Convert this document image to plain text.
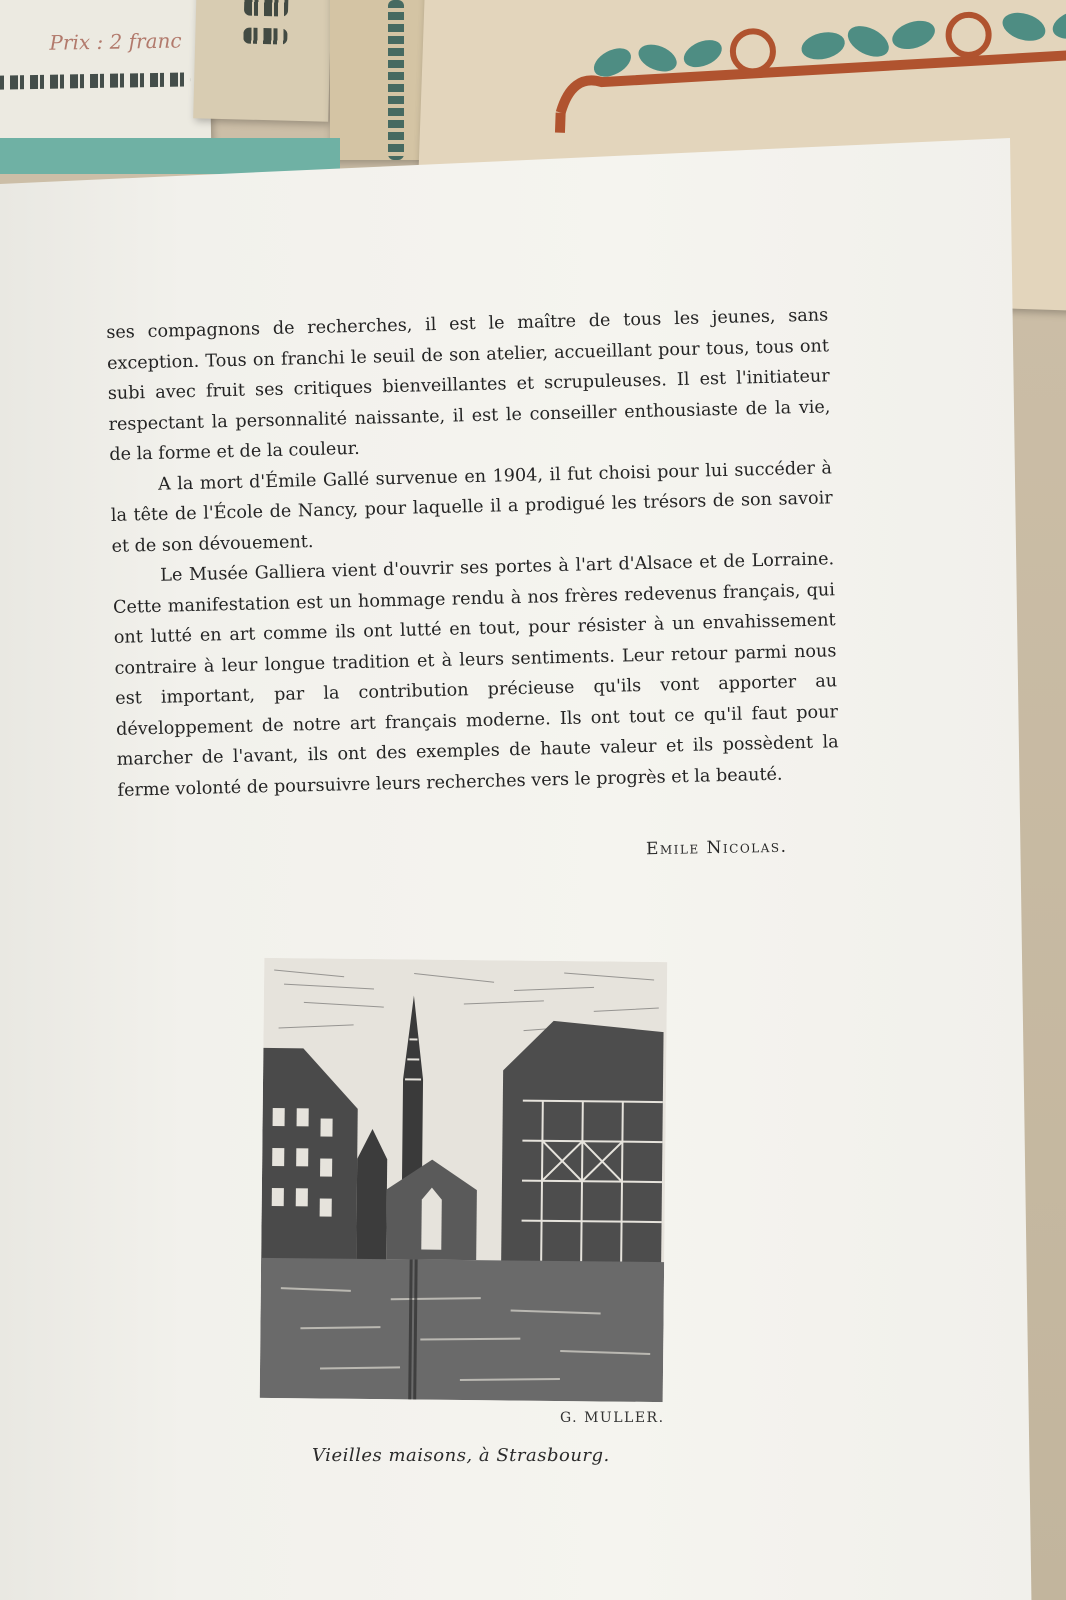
Prix : 2 franc

ses compagnons de recherches, il est le maître de tous les jeunes, sans exception. Tous on franchi le seuil de son atelier, accueillant pour tous, tous ont subi avec fruit ses critiques bienveillantes et scrupuleuses. Il est l'initiateur respectant la personnalité naissante, il est le conseiller enthousiaste de la vie, de la forme et de la couleur.

A la mort d'Émile Gallé survenue en 1904, il fut choisi pour lui succéder à la tête de l'École de Nancy, pour laquelle il a prodigué les trésors de son savoir et de son dévouement.

Le Musée Galliera vient d'ouvrir ses portes à l'art d'Alsace et de Lorraine. Cette manifestation est un hommage rendu à nos frères redevenus français, qui ont lutté en art comme ils ont lutté en tout, pour résister à un envahissement contraire à leur longue tradition et à leurs sentiments. Leur retour parmi nous est important, par la contribution précieuse qu'ils vont apporter au développement de notre art français moderne. Ils ont tout ce qu'il faut pour marcher de l'avant, ils ont des exemples de haute valeur et ils possèdent la ferme volonté de poursuivre leurs recherches vers le progrès et la beauté.

Emile Nicolas.
G. MULLER.
Vieilles maisons, à Strasbourg.
